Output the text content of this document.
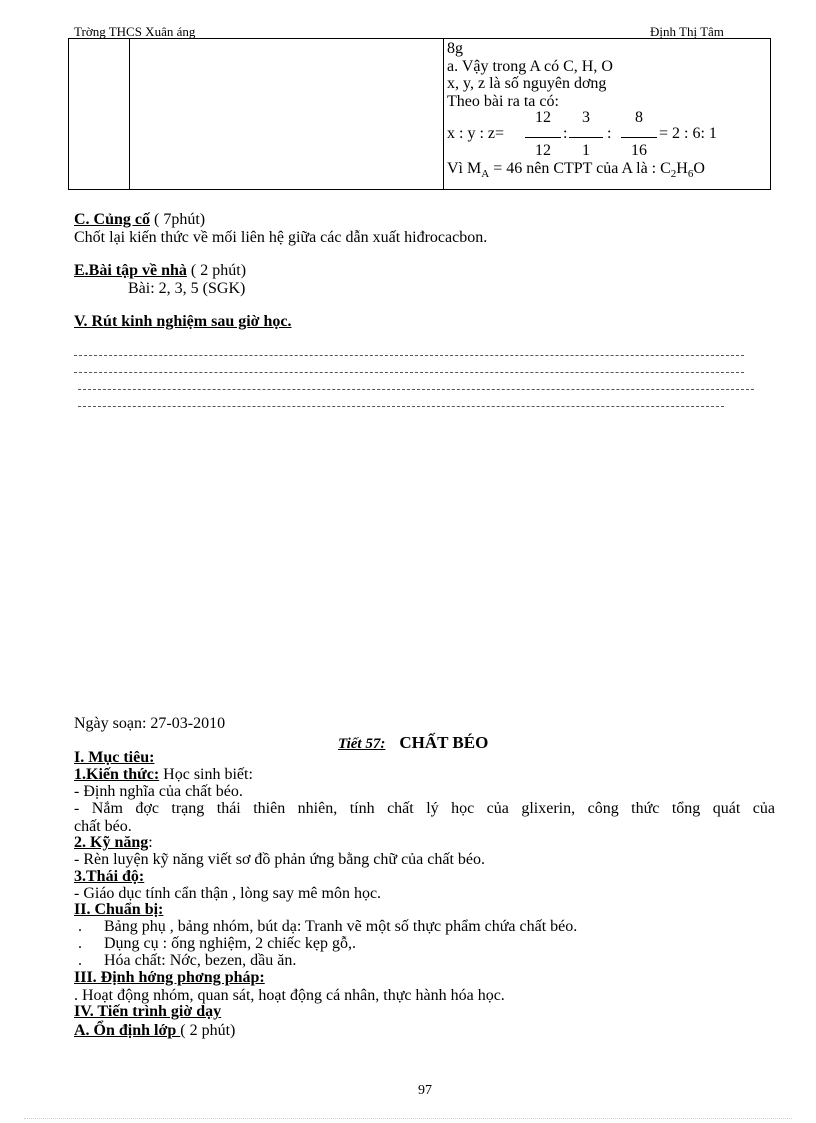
Trờng THCS Xuân áng	Định Thị Tâm
8g
a. Vậy trong A có C, H, O
x, y, z là số nguyên dơng
Theo bài ra ta có:
x : y : z=
12
12
:
3
1
:
8
16
= 2 : 6: 1
Vì $M_A = 46$ nên CTPT của A là : $C_2H_6O$
C. Củng cố ( 7phút)
Chốt lại kiến thức về mối liên hệ giữa các dẫn xuất hiđrocacbon.
E.Bài tập về nhà ( 2 phút)
Bài: 2, 3, 5 (SGK)
V. Rút kinh nghiệm sau giờ học.
Ngày soạn: 27-03-2010
Tiết 57: CHẤT BÉO
I. Mục tiêu:
1.Kiến thức: Học sinh biết:
- Định nghĩa của chất béo.
- Nắm đợc trạng thái thiên nhiên, tính chất lý học của glixerin, công thức tổng quát của
chất béo.
2. Kỹ năng:
- Rèn luyện kỹ năng viết sơ đồ phản ứng bằng chữ của chất béo.
3.Thái độ:
- Giáo dục tính cẩn thận , lòng say mê môn học.
II. Chuẩn bị:
. Bảng phụ , bảng nhóm, bút dạ: Tranh vẽ một số thực phẩm chứa chất béo.
. Dụng cụ : ống nghiệm, 2 chiếc kẹp gỗ,.
. Hóa chất: Nớc, bezen, dầu ăn.
III. Định hớng phơng pháp:
. Hoạt động nhóm, quan sát, hoạt động cá nhân, thực hành hóa học.
IV. Tiến trình giờ dạy
A. Ổn định lớp ( 2 phút)
97
